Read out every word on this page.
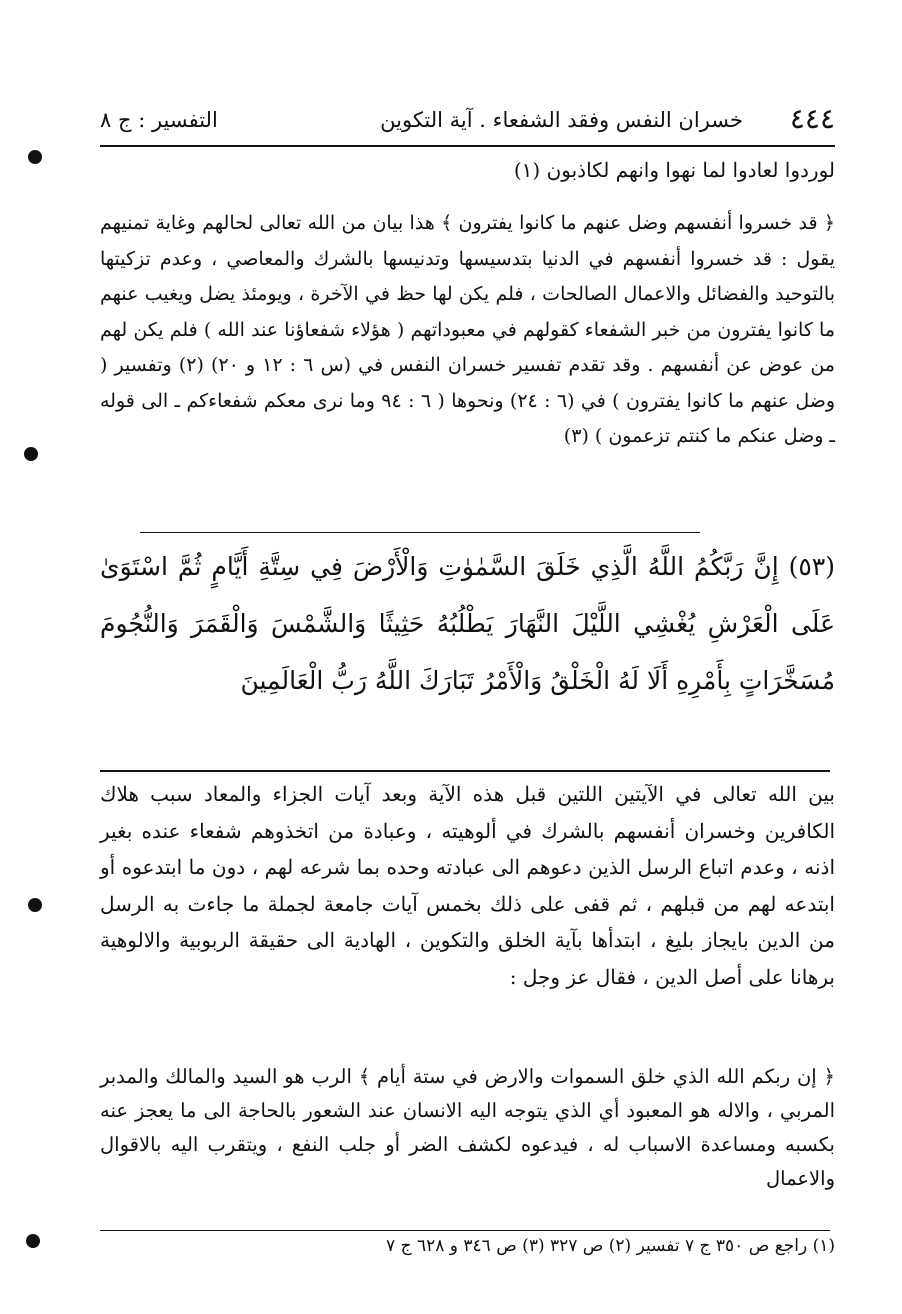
٤٤٤
خسران النفس وفقد الشفعاء . آية التكوين
التفسير : ج ٨

لوردوا لعادوا لما نهوا وانهم لكاذبون (١)

﴿ قد خسروا أنفسهم وضل عنهم ما كانوا يفترون ﴾ هذا بيان من الله تعالى لحالهم وغاية تمنيهم يقول : قد خسروا أنفسهم في الدنيا بتدسيسها وتدنيسها بالشرك والمعاصي ، وعدم تزكيتها بالتوحيد والفضائل والاعمال الصالحات ، فلم يكن لها حظ في الآخرة ، ويومئذ يضل ويغيب عنهم ما كانوا يفترون من خبر الشفعاء كقولهم في معبوداتهم ( هؤلاء شفعاؤنا عند الله ) فلم يكن لهم من عوض عن أنفسهم . وقد تقدم تفسير خسران النفس في (س ٦ : ١٢ و ٢٠) (٢) وتفسير ( وضل عنهم ما كانوا يفترون ) في (٦ : ٢٤) ونحوها ( ٦ : ٩٤ وما نرى معكم شفعاءكم ـ الى قوله ـ وضل عنكم ما كنتم تزعمون ) (٣)

(٥٣) إِنَّ رَبَّكُمُ اللَّهُ الَّذِي خَلَقَ السَّمٰوٰتِ وَالْأَرْضَ فِي سِتَّةِ أَيَّامٍ ثُمَّ اسْتَوَىٰ عَلَى الْعَرْشِ يُغْشِي اللَّيْلَ النَّهَارَ يَطْلُبُهُ حَثِيثًا وَالشَّمْسَ وَالْقَمَرَ وَالنُّجُومَ مُسَخَّرَاتٍ بِأَمْرِهِ أَلَا لَهُ الْخَلْقُ وَالْأَمْرُ تَبَارَكَ اللَّهُ رَبُّ الْعَالَمِينَ

بين الله تعالى في الآيتين اللتين قبل هذه الآية وبعد آيات الجزاء والمعاد سبب هلاك الكافرين وخسران أنفسهم بالشرك في ألوهيته ، وعبادة من اتخذوهم شفعاء عنده بغير اذنه ، وعدم اتباع الرسل الذين دعوهم الى عبادته وحده بما شرعه لهم ، دون ما ابتدعوه أو ابتدعه لهم من قبلهم ، ثم قفى على ذلك بخمس آيات جامعة لجملة ما جاءت به الرسل من الدين بايجاز بليغ ، ابتدأها بآية الخلق والتكوين ، الهادية الى حقيقة الربوبية والالوهية برهانا على أصل الدين ، فقال عز وجل :

﴿ إن ربكم الله الذي خلق السموات والارض في ستة أيام ﴾ الرب هو السيد والمالك والمدبر المربي ، والاله هو المعبود أي الذي يتوجه اليه الانسان عند الشعور بالحاجة الى ما يعجز عنه بكسبه ومساعدة الاسباب له ، فيدعوه لكشف الضر أو جلب النفع ، ويتقرب اليه بالاقوال والاعمال

(١) راجع ص ٣٥٠ ج ٧ تفسير (٢) ص ٣٢٧ (٣) ص ٣٤٦ و ٦٢٨ ج ٧
